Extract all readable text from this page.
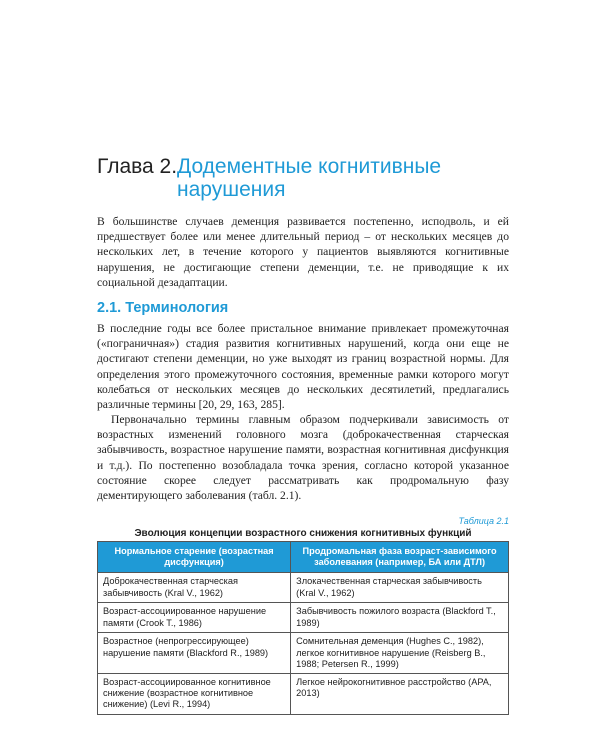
Глава 2. Додементные когнитивные нарушения

В большинстве случаев деменция развивается постепенно, исподволь, и ей предшествует более или менее длительный период – от нескольких месяцев до нескольких лет, в течение которого у пациентов выявляются когнитивные нарушения, не достигающие степени деменции, т.е. не приводящие к их социальной дезадаптации.

2.1. Терминология

В последние годы все более пристальное внимание привлекает промежуточная («пограничная») стадия развития когнитивных нарушений, когда они еще не достигают степени деменции, но уже выходят из границ возрастной нормы. Для определения этого промежуточного состояния, временные рамки которого могут колебаться от нескольких месяцев до нескольких десятилетий, предлагались различные термины [20, 29, 163, 285].

Первоначально термины главным образом подчеркивали зависимость от возрастных изменений головного мозга (доброкачественная старческая забывчивость, возрастное нарушение памяти, возрастная когнитивная дисфункция и т.д.). По постепенно возобладала точка зрения, согласно которой указанное состояние скорее следует рассматривать как продромальную фазу дементирующего заболевания (табл. 2.1).

Таблица 2.1
Эволюция концепции возрастного снижения когнитивных функций
Нормальное старение (возрастная дисфункция)	Продромальная фаза возраст-зависимого заболевания (например, БА или ДТЛ)
Доброкачественная старческая забывчивость (Kral V., 1962)	Злокачественная старческая забывчивость (Kral V., 1962)
Возраст-ассоциированное нарушение памяти (Crook T., 1986)	Забывчивость пожилого возраста (Blackford T., 1989)
Возрастное (непрогрессирующее) нарушение памяти (Blackford R., 1989)	Сомнительная деменция (Hughes C., 1982), легкое когнитивное нарушение (Reisberg B., 1988; Petersen R., 1999)
Возраст-ассоциированное когнитивное снижение (возрастное когнитивное снижение) (Levi R., 1994)	Легкое нейрокогнитивное расстройство (APA, 2013)
